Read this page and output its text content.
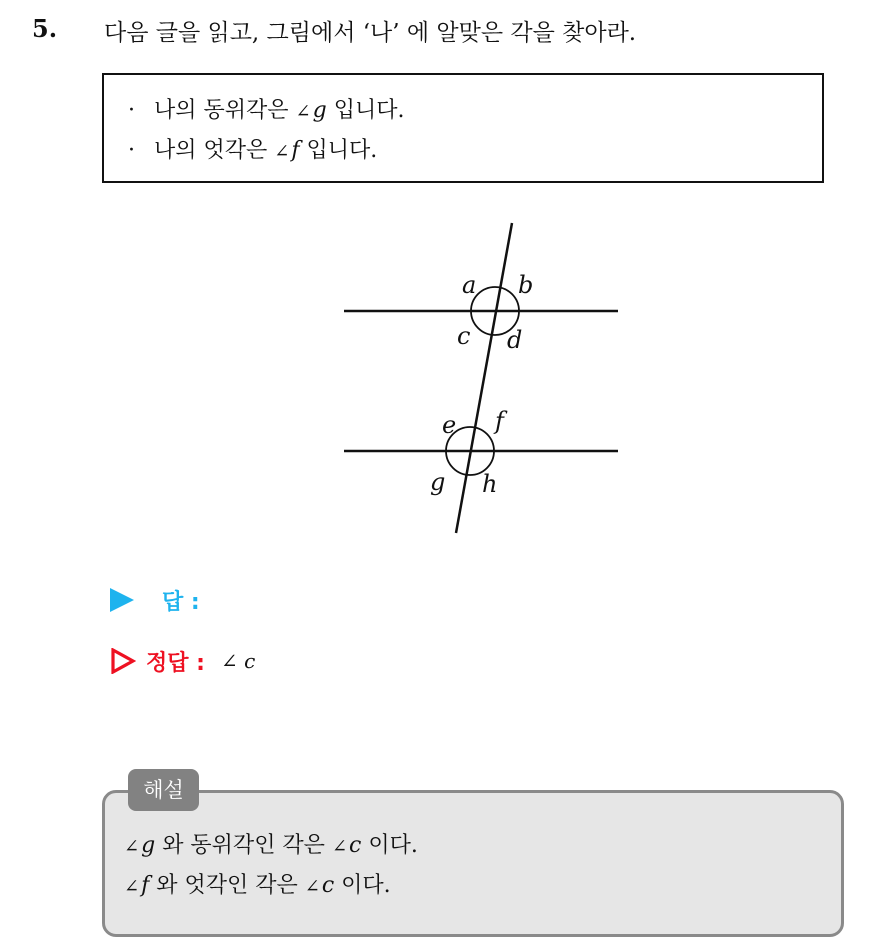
5. 다음 글을 읽고, 그림에서 ‘나’ 에 알맞은 각을 찾아라.
· 나의 동위각은 ∠g 입니다.
· 나의 엇각은 ∠f 입니다.
a b
c d
e f
g h
답 :
정답 : ∠ c
해설
∠g 와 동위각인 각은 ∠c 이다.
∠f 와 엇각인 각은 ∠c 이다.
